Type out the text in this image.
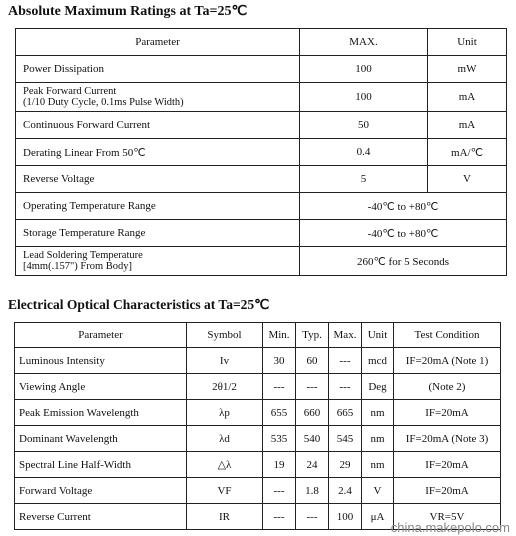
Absolute Maximum Ratings at Ta=25℃
Parameter	MAX.	Unit
Power Dissipation	100	mW
Peak Forward Current
(1/10 Duty Cycle, 0.1ms Pulse Width)	100	mA
Continuous Forward Current	50	mA
Derating Linear From 50℃	0.4	mA/℃
Reverse Voltage	5	V
Operating Temperature Range	-40℃ to +80℃	
Storage Temperature Range	-40℃ to +80℃	
Lead Soldering Temperature
[4mm(.157") From Body]	260℃ for 5 Seconds	
Electrical Optical Characteristics at Ta=25℃
Parameter	Symbol	Min.	Typ.	Max.	Unit	Test Condition
Luminous Intensity	Iv	30	60	---	mcd	IF=20mA (Note 1)
Viewing Angle	2θ1/2	---	---	---	Deg	(Note 2)
Peak Emission Wavelength	λp	655	660	665	nm	IF=20mA
Dominant Wavelength	λd	535	540	545	nm	IF=20mA (Note 3)
Spectral Line Half-Width	△λ	19	24	29	nm	IF=20mA
Forward Voltage	VF	---	1.8	2.4	V	IF=20mA
Reverse Current	IR	---	---	100	μA	VR=5V
china.makepolo.com
